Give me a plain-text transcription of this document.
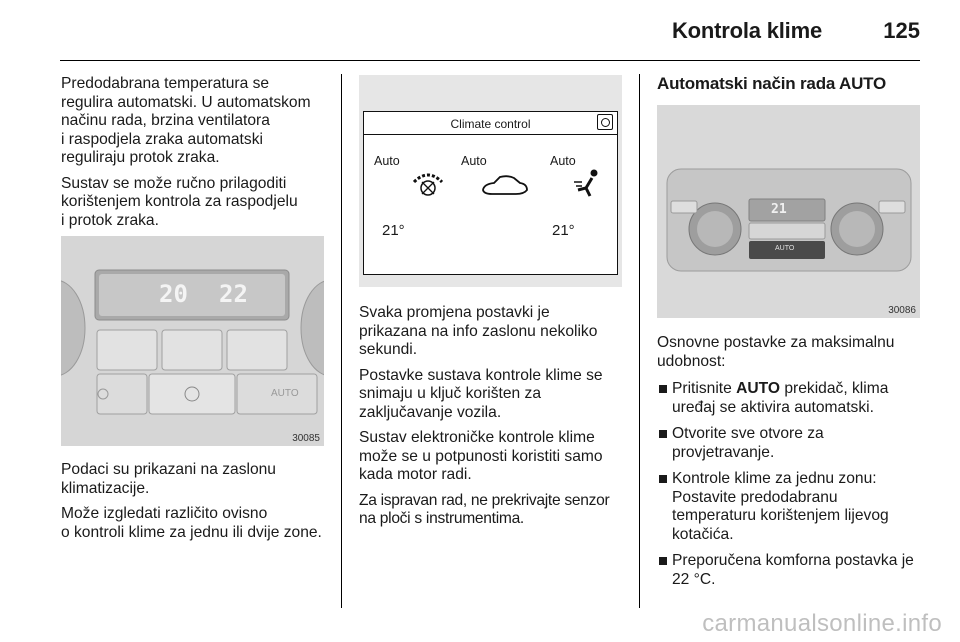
Kontrola klime	125

Predodabrana temperatura se
regulira automatski. U automatskom
načinu rada, brzina ventilatora
i raspodjela zraka automatski
reguliraju protok zraka.

Sustav se može ručno prilagoditi
korištenjem kontrola za raspodjelu
i protok zraka.

20 22
AUTO
30085

Podaci su prikazani na zaslonu
klimatizacije.

Može izgledati različito ovisno
o kontroli klime za jednu ili dvije zone.

Climate control
Auto	Auto	Auto
21°	21°

Svaka promjena postavki je
prikazana na info zaslonu nekoliko
sekundi.

Postavke sustava kontrole klime se
snimaju u ključ korišten za
zaključavanje vozila.

Sustav elektroničke kontrole klime
može se u potpunosti koristiti samo
kada motor radi.

Za ispravan rad, ne prekrivajte senzor
na ploči s instrumentima.

Automatski način rada AUTO
21
AUTO
30086

Osnovne postavke za maksimalnu
udobnost:

Pritisnite AUTO prekidač, klima
uređaj se aktivira automatski.
Otvorite sve otvore za
provjetravanje.
Kontrole klime za jednu zonu:
Postavite predodabranu
temperaturu korištenjem lijevog
kotačića.
Preporučena komforna postavka je
22 °C.
carmanualsonline.info
